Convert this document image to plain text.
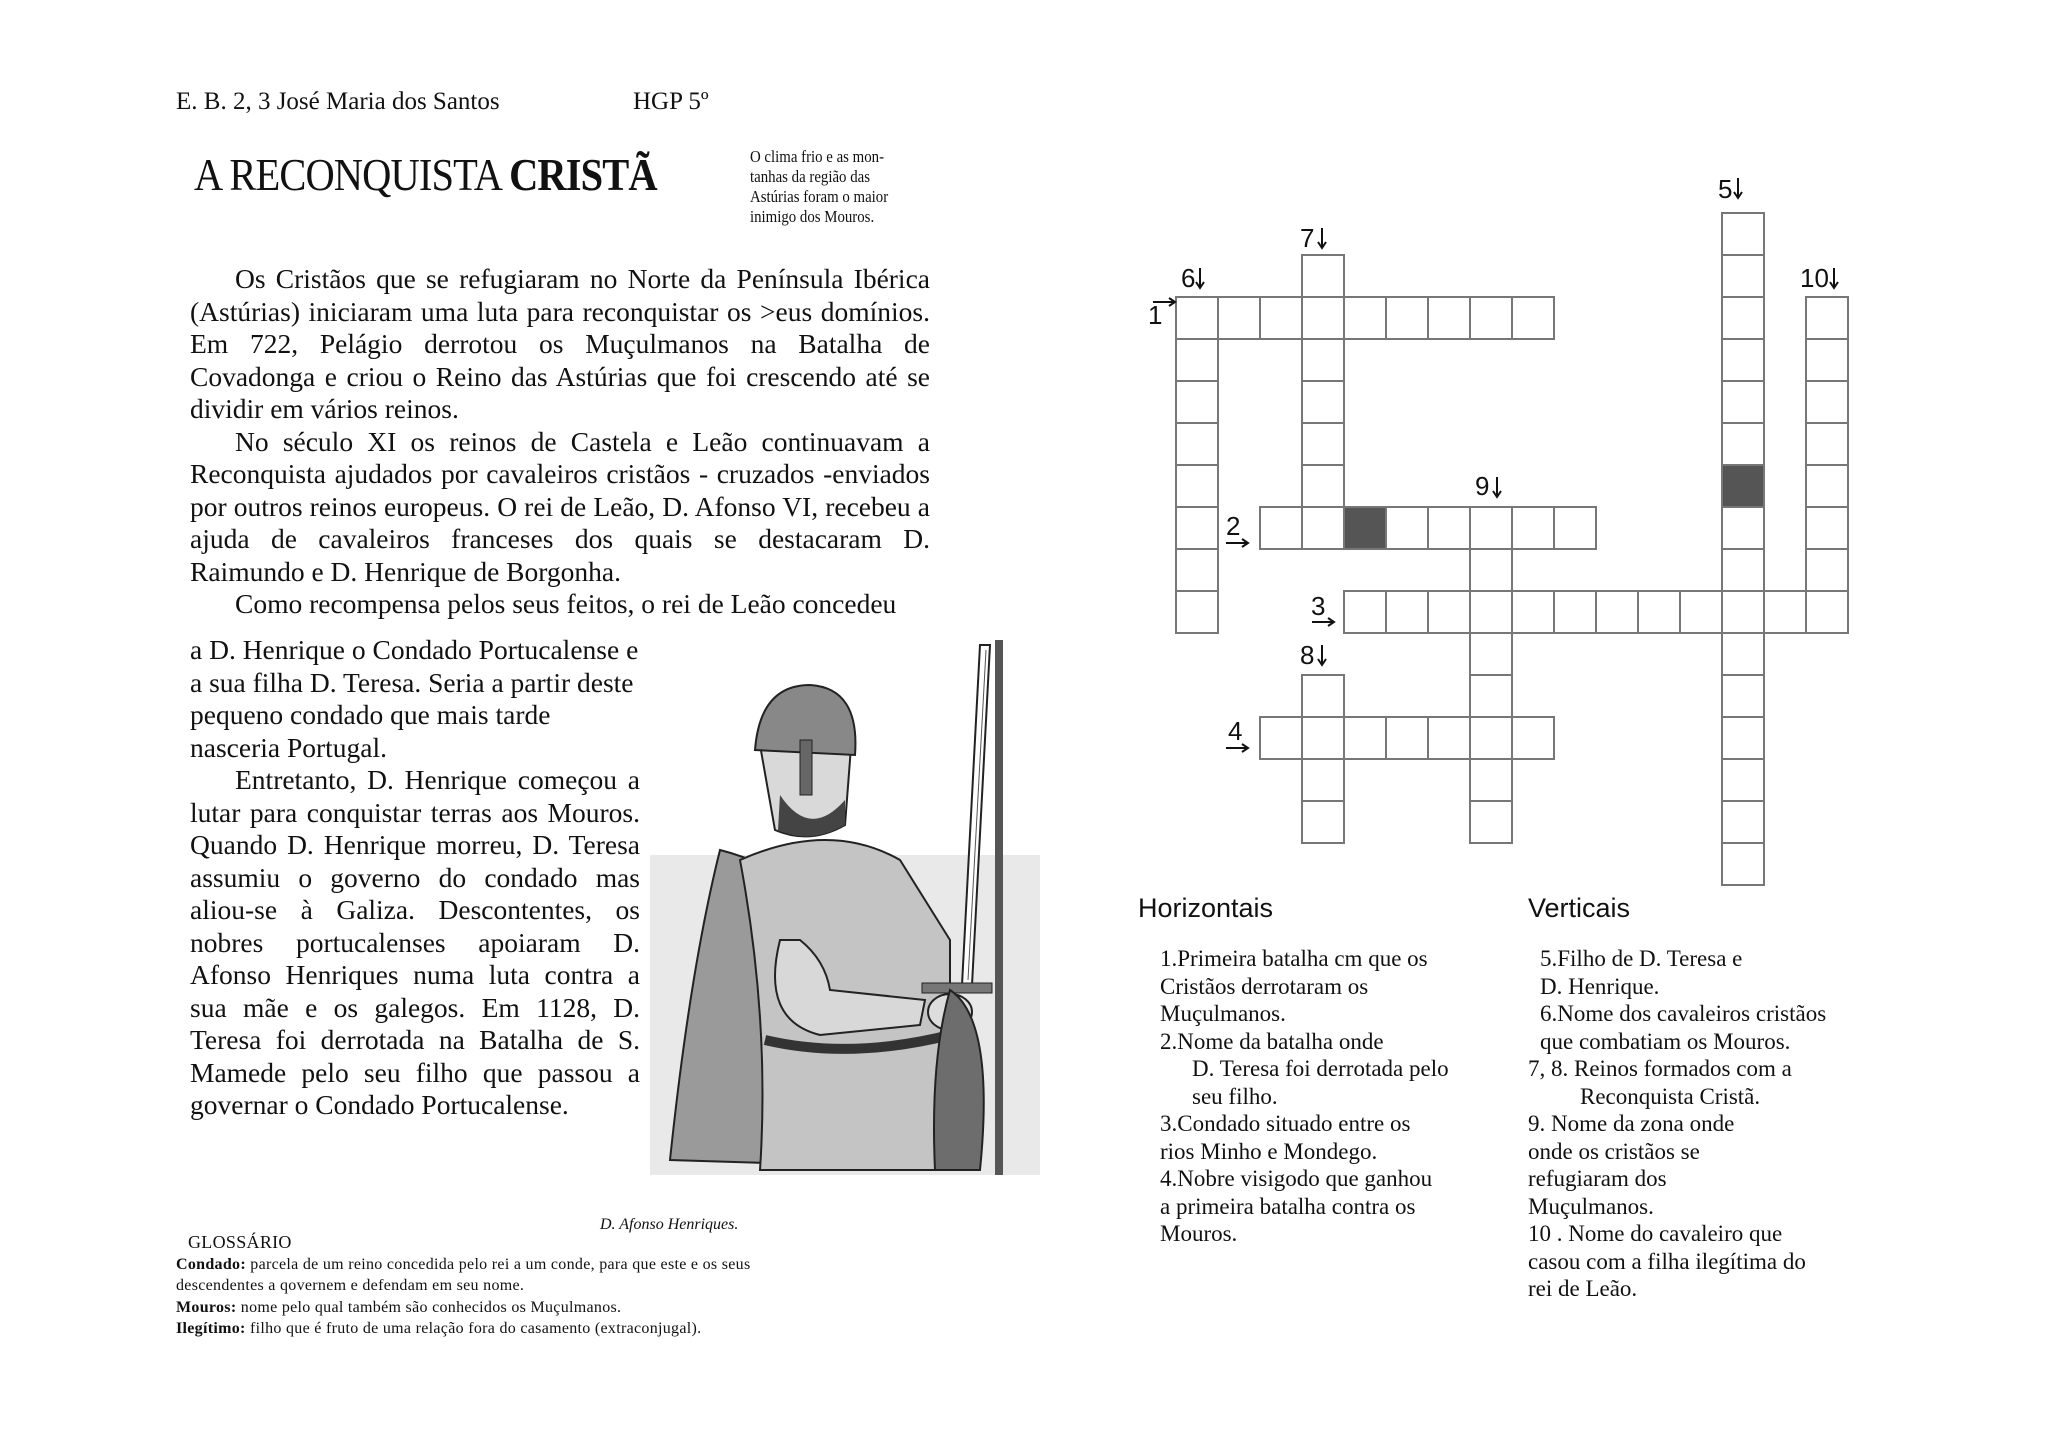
E. B. 2, 3 José Maria dos Santos	HGP 5º
A RECONQUISTA CRISTÃ	O clima frio e as mon-tanhas da região das Astúrias foram o maior inimigo dos Mouros.

Os Cristãos que se refugiaram no Norte da Península Ibérica (Astúrias) iniciaram uma luta para reconquistar os >eus domínios. Em 722, Pelágio derrotou os Muçulmanos na Batalha de Covadonga e criou o Reino das Astúrias que foi crescendo até se dividir em vários reinos.

No século XI os reinos de Castela e Leão continuavam a Reconquista ajudados por cavaleiros cristãos - cruzados -enviados por outros reinos europeus. O rei de Leão, D. Afonso VI, recebeu a ajuda de cavaleiros franceses dos quais se destacaram D. Raimundo e D. Henrique de Borgonha.

Como recompensa pelos seus feitos, o rei de Leão concedeu

a D. Henrique o Condado Portucalense e a sua filha D. Teresa. Seria a partir deste pequeno condado que mais tarde nasceria Portugal.

Entretanto, D. Henrique começou a lutar para conquistar terras aos Mouros. Quando D. Henrique morreu, D. Teresa assumiu o governo do condado mas aliou-se à Galiza. Descontentes, os nobres portucalenses apoiaram D. Afonso Henriques numa luta contra a sua mãe e os galegos. Em 1128, D. Teresa foi derrotada na Batalha de S. Mamede pelo seu filho que passou a governar o Condado Portucalense.

D. Afonso Henriques.
GLOSSÁRIO
Condado: parcela de um reino concedida pelo rei a um conde, para que este e os seus descendentes a qovernem e defendam em seu nome.
Mouros: nome pelo qual também são conhecidos os Muçulmanos.
Ilegítimo: filho que é fruto de uma relação fora do casamento (extraconjugal).
1
2
3
4
5
6
7
8
9
10
Horizontais	Verticais
1.Primeira batalha cm que os
Cristãos derrotaram os
Muçulmanos.
2.Nome da batalha onde
D. Teresa foi derrotada pelo
seu filho.
3.Condado situado entre os
rios Minho e Mondego.
4.Nobre visigodo que ganhou
a primeira batalha contra os
Mouros.
5.Filho de D. Teresa e
D. Henrique.
6.Nome dos cavaleiros cristãos
que combatiam os Mouros.
7, 8. Reinos formados com a
Reconquista Cristã.
9. Nome da zona onde
onde os cristãos se
refugiaram dos
Muçulmanos.
10 . Nome do cavaleiro que
casou com a filha ilegítima do
rei de Leão.
